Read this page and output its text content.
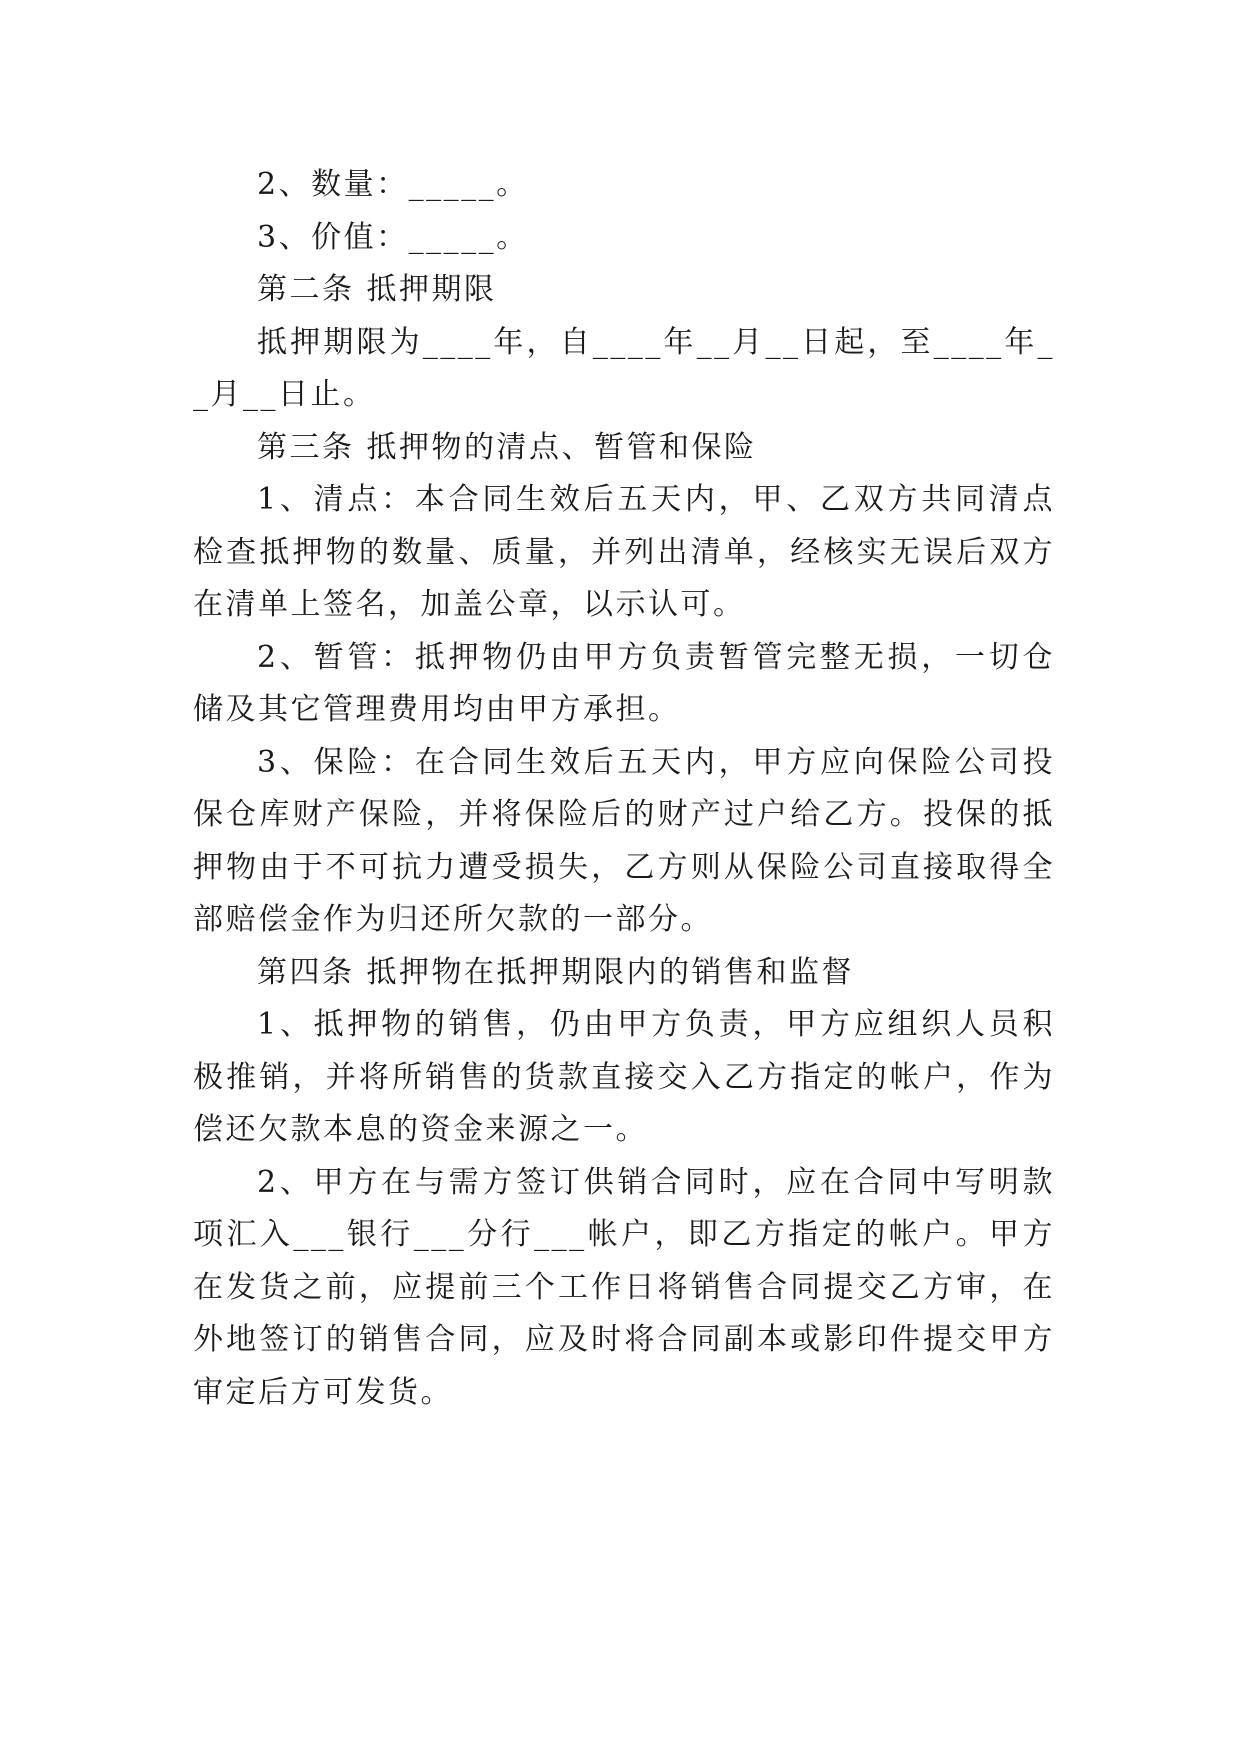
2、数量：_____。

3、价值：_____。

第二条 抵押期限

抵押期限为____年，自____年__月__日起，至____年__月__日止。

第三条 抵押物的清点、暂管和保险

1、清点：本合同生效后五天内，甲、乙双方共同清点检查抵押物的数量、质量，并列出清单，经核实无误后双方在清单上签名，加盖公章，以示认可。

2、暂管：抵押物仍由甲方负责暂管完整无损，一切仓储及其它管理费用均由甲方承担。

3、保险：在合同生效后五天内，甲方应向保险公司投保仓库财产保险，并将保险后的财产过户给乙方。投保的抵押物由于不可抗力遭受损失，乙方则从保险公司直接取得全部赔偿金作为归还所欠款的一部分。

第四条 抵押物在抵押期限内的销售和监督

1、抵押物的销售，仍由甲方负责，甲方应组织人员积极推销，并将所销售的货款直接交入乙方指定的帐户，作为偿还欠款本息的资金来源之一。

2、甲方在与需方签订供销合同时，应在合同中写明款项汇入___银行___分行___帐户，即乙方指定的帐户。甲方在发货之前，应提前三个工作日将销售合同提交乙方审，在外地签订的销售合同，应及时将合同副本或影印件提交甲方审定后方可发货。
